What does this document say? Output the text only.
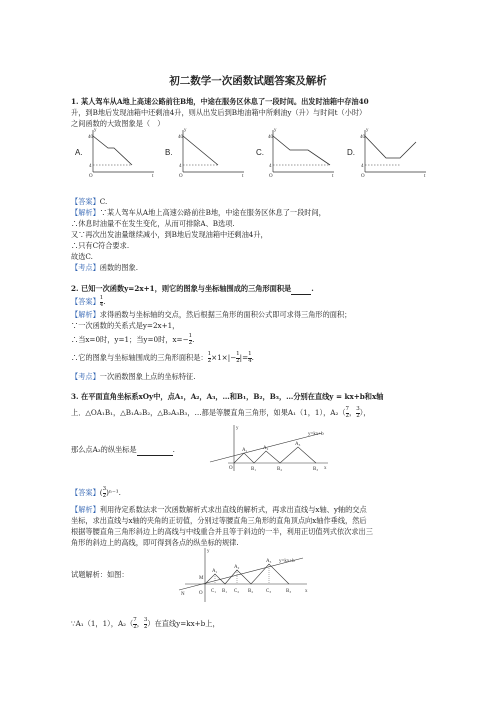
初二数学一次函数试题答案及解析
1. 某人驾车从A地上高速公路前往B地，中途在服务区休息了一段时间。出发时油箱中存油40
升，到B地后发现油箱中还剩油4升，则从出发后到B地油箱中所剩油y（升）与时间t（小时）
之间函数的大致图象是（　）
A.
40
4
O	t
y
B.
40
4
O	t
y
C.
40
4
O	t
y
D.
40
4
O	t
y
【答案】C.
【解析】∵某人驾车从A地上高速公路前往B地，中途在服务区休息了一段时间，
∴休息时油量不在发生变化，从而可排除A、B选项.
又∵再次出发油量继续减小，到B地后发现油箱中还剩油4升，
∴只有C符合要求.
故选C.
【考点】函数的图象.
2. 已知一次函数y=2x+1，则它的图象与坐标轴围成的三角形面积是	.
【答案】 $\frac{1}{4}$ .
【解析】求得函数与坐标轴的交点，然后根据三角形的面积公式即可求得三角形的面积；
∵一次函数的关系式是y=2x+1，
∴当x=0时，y=1；当y=0时，$x=- \frac{1}{2}$ .
∴它的图象与坐标轴围成的三角形面积是： $\frac{1}{2} \times 1\times|- \frac{1}{2}$ |= $\frac{1}{4}$ .
【考点】一次函数图象上点的坐标特征.
3. 在平面直角坐标系xOy中，点A₁，A₂，A₃，…和B₁，B₂，B₃，…分别在直线y = kx+b和x轴
上．△OA₁B₁，△B₁A₂B₂，△B₂A₃B₃，…都是等腰直角三角形，如果A₁（1，1），$A_2( \frac{7}{2}$ ， $\frac{3}{2}$ ），
那么点A₃的纵坐标是	.
y=kx+b
O	x
y
A₁	A₂
A₃
B₁	B₂	B₃
【答案】( $\frac{3}{2} )^{n-1}$.
【解析】利用待定系数法求一次函数解析式求出直线的解析式，再求出直线与x轴、y轴的交点
坐标，求出直线与x轴的夹角的正切值，分别过等腰直角三角形的直角顶点向x轴作垂线，然后
根据等腰直角三角形斜边上的高线与中线重合并且等于斜边的一半，利用正切值列式依次求出三
角形的斜边上的高线，即可得到各点的纵坐标的规律.
试题解析：如图：
y=kx+b
O	x
y
M
N
A₁
A₂
A₃
C₁ B₁ C₂ B₂	C₃	B₃
∵A₁（1，1），$A_2( \frac{7}{2}$ ， $\frac{3}{2}$ ）在直线y=kx+b上，
